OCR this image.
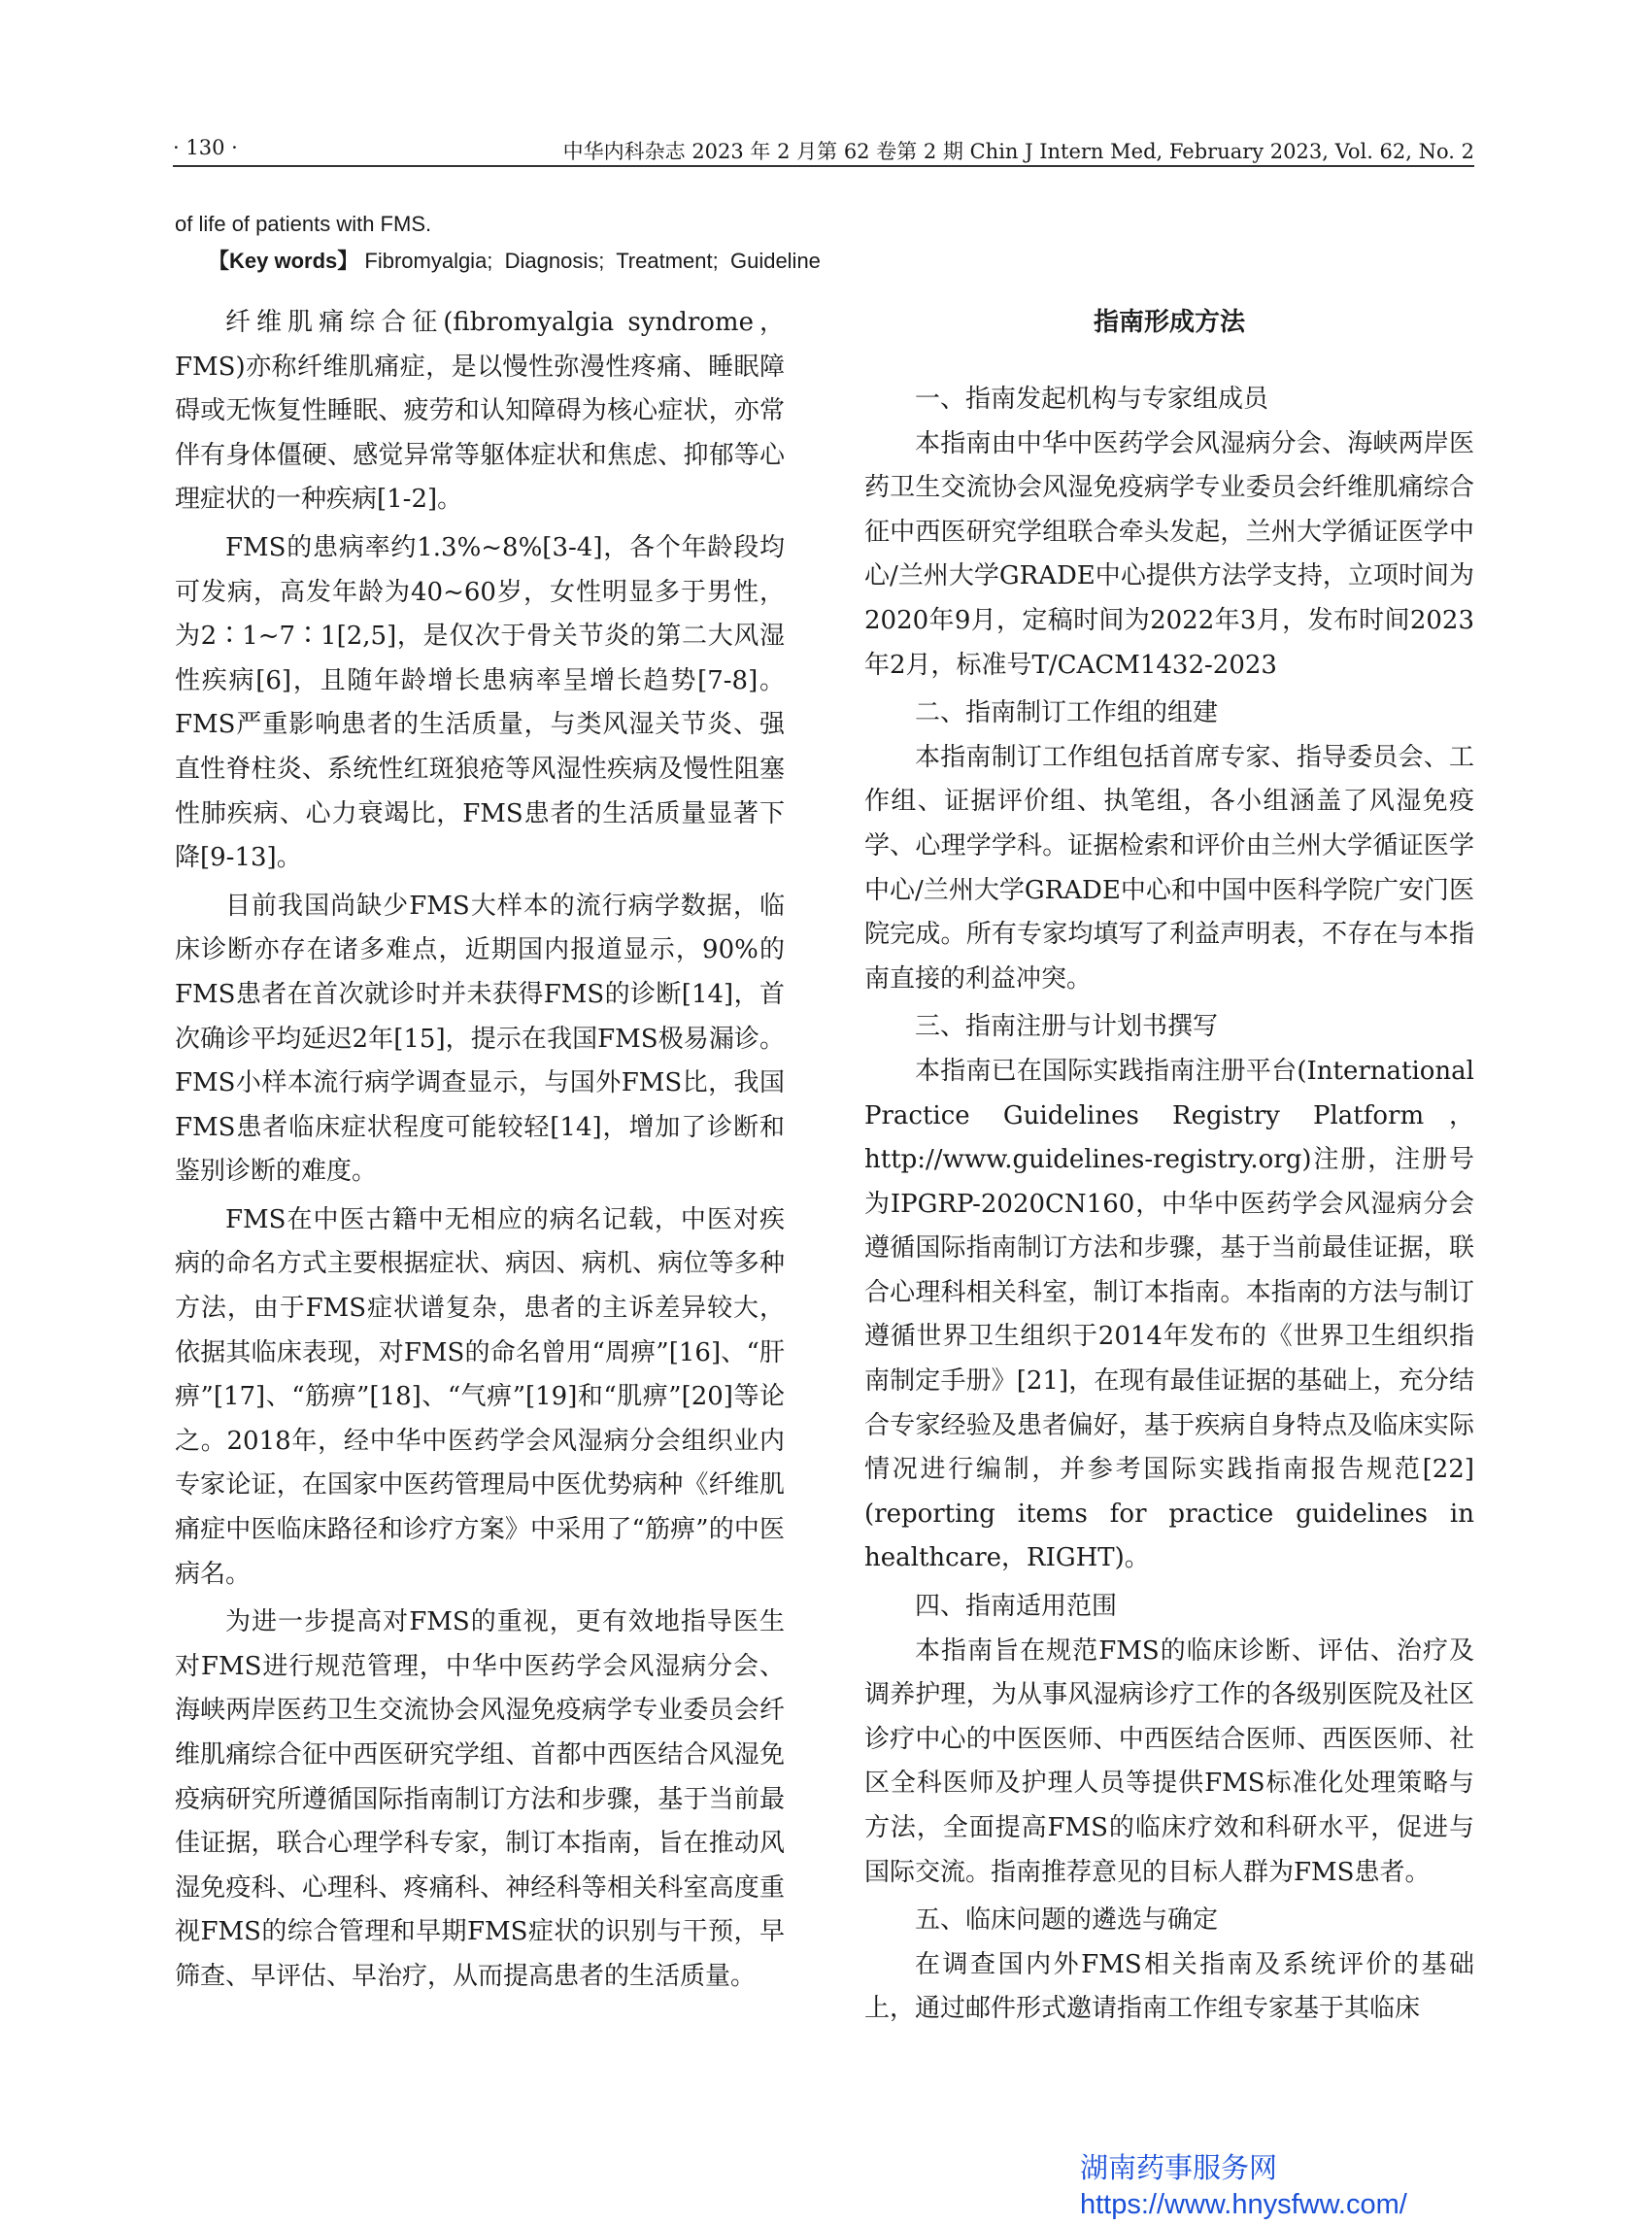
· 130 ·	中华内科杂志 2023 年 2 月第 62 卷第 2 期 Chin J Intern Med, February 2023, Vol. 62, No. 2
of life of patients with FMS.
【Key words】 Fibromyalgia;  Diagnosis;  Treatment;  Guideline

纤维肌痛综合征(fibromyalgia syndrome，FMS)亦称纤维肌痛症，是以慢性弥漫性疼痛、睡眠障碍或无恢复性睡眠、疲劳和认知障碍为核心症状，亦常伴有身体僵硬、感觉异常等躯体症状和焦虑、抑郁等心理症状的一种疾病[1-2]。

FMS的患病率约1.3%~8%[3-4]，各个年龄段均可发病，高发年龄为40~60岁，女性明显多于男性，为2∶1~7∶1[2,5]，是仅次于骨关节炎的第二大风湿性疾病[6]，且随年龄增长患病率呈增长趋势[7-8]。FMS严重影响患者的生活质量，与类风湿关节炎、强直性脊柱炎、系统性红斑狼疮等风湿性疾病及慢性阻塞性肺疾病、心力衰竭比，FMS患者的生活质量显著下降[9-13]。

目前我国尚缺少FMS大样本的流行病学数据，临床诊断亦存在诸多难点，近期国内报道显示，90%的FMS患者在首次就诊时并未获得FMS的诊断[14]，首次确诊平均延迟2年[15]，提示在我国FMS极易漏诊。FMS小样本流行病学调查显示，与国外FMS比，我国FMS患者临床症状程度可能较轻[14]，增加了诊断和鉴别诊断的难度。

FMS在中医古籍中无相应的病名记载，中医对疾病的命名方式主要根据症状、病因、病机、病位等多种方法，由于FMS症状谱复杂，患者的主诉差异较大，依据其临床表现，对FMS的命名曾用“周痹”[16]、“肝痹”[17]、“筋痹”[18]、“气痹”[19]和“肌痹”[20]等论之。2018年，经中华中医药学会风湿病分会组织业内专家论证，在国家中医药管理局中医优势病种《纤维肌痛症中医临床路径和诊疗方案》中采用了“筋痹”的中医病名。

为进一步提高对FMS的重视，更有效地指导医生对FMS进行规范管理，中华中医药学会风湿病分会、海峡两岸医药卫生交流协会风湿免疫病学专业委员会纤维肌痛综合征中西医研究学组、首都中西医结合风湿免疫病研究所遵循国际指南制订方法和步骤，基于当前最佳证据，联合心理学科专家，制订本指南，旨在推动风湿免疫科、心理科、疼痛科、神经科等相关科室高度重视FMS的综合管理和早期FMS症状的识别与干预，早筛查、早评估、早治疗，从而提高患者的生活质量。

指南形成方法
一、指南发起机构与专家组成员

本指南由中华中医药学会风湿病分会、海峡两岸医药卫生交流协会风湿免疫病学专业委员会纤维肌痛综合征中西医研究学组联合牵头发起，兰州大学循证医学中心/兰州大学GRADE中心提供方法学支持，立项时间为2020年9月，定稿时间为2022年3月，发布时间2023年2月，标准号T/CACM1432-2023

二、指南制订工作组的组建

本指南制订工作组包括首席专家、指导委员会、工作组、证据评价组、执笔组，各小组涵盖了风湿免疫学、心理学学科。证据检索和评价由兰州大学循证医学中心/兰州大学GRADE中心和中国中医科学院广安门医院完成。所有专家均填写了利益声明表，不存在与本指南直接的利益冲突。

三、指南注册与计划书撰写

本指南已在国际实践指南注册平台(International Practice Guidelines Registry Platform，http://www.guidelines-registry.org)注册，注册号为IPGRP-2020CN160，中华中医药学会风湿病分会遵循国际指南制订方法和步骤，基于当前最佳证据，联合心理科相关科室，制订本指南。本指南的方法与制订遵循世界卫生组织于2014年发布的《世界卫生组织指南制定手册》[21]，在现有最佳证据的基础上，充分结合专家经验及患者偏好，基于疾病自身特点及临床实际情况进行编制，并参考国际实践指南报告规范[22](reporting items for practice guidelines in healthcare，RIGHT)。

四、指南适用范围

本指南旨在规范FMS的临床诊断、评估、治疗及调养护理，为从事风湿病诊疗工作的各级别医院及社区诊疗中心的中医医师、中西医结合医师、西医医师、社区全科医师及护理人员等提供FMS标准化处理策略与方法，全面提高FMS的临床疗效和科研水平，促进与国际交流。指南推荐意见的目标人群为FMS患者。

五、临床问题的遴选与确定

在调查国内外FMS相关指南及系统评价的基础上，通过邮件形式邀请指南工作组专家基于其临床

湖南药事服务网
https://www.hnysfww.com/
